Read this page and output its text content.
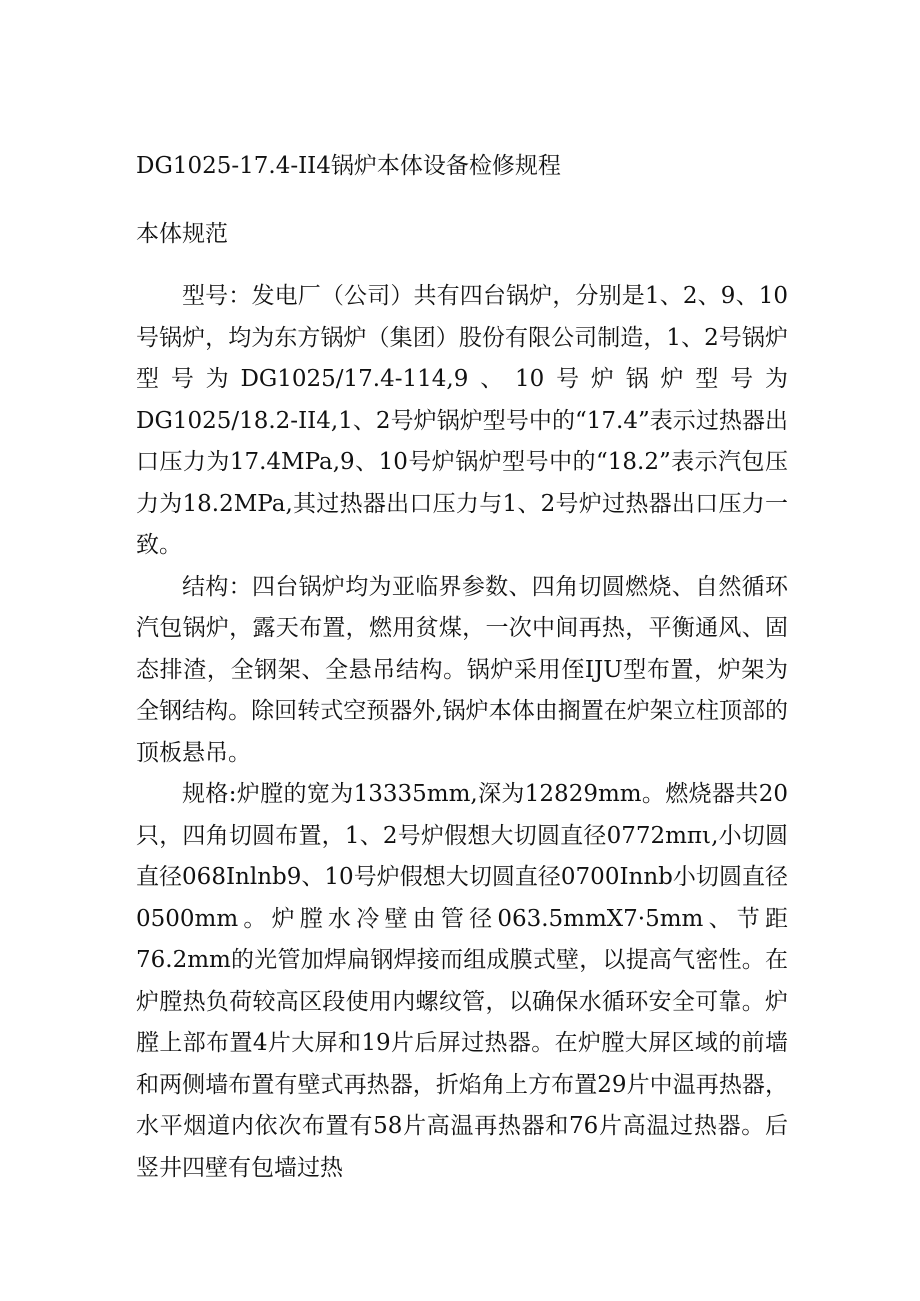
DG1025-17.4-II4锅炉本体设备检修规程
本体规范

型号：发电厂（公司）共有四台锅炉，分别是1、2、9、10号锅炉，均为东方锅炉（集团）股份有限公司制造，1、2号锅炉型号为DG1025/17.4-114,9、10号炉锅炉型号为DG1025/18.2-II4,1、2号炉锅炉型号中的“17.4”表示过热器出口压力为17.4MPa,9、10号炉锅炉型号中的“18.2”表示汽包压力为18.2MPa,其过热器出口压力与1、2号炉过热器出口压力一致。

结构：四台锅炉均为亚临界参数、四角切圆燃烧、自然循环汽包锅炉，露天布置，燃用贫煤，一次中间再热，平衡通风、固态排渣，全钢架、全悬吊结构。锅炉采用侄IJU型布置，炉架为全钢结构。除回转式空预器外,锅炉本体由搁置在炉架立柱顶部的顶板悬吊。

规格:炉膛的宽为13335mm,深为12829mm。燃烧器共20只，四角切圆布置，1、2号炉假想大切圆直径0772mπι,小切圆直径068Inlnb9、10号炉假想大切圆直径0700Innb小切圆直径0500mm。炉膛水冷壁由管径063.5mmX7·5mm、节距76.2mm的光管加焊扁钢焊接而组成膜式壁，以提高气密性。在炉膛热负荷较高区段使用内螺纹管，以确保水循环安全可靠。炉膛上部布置4片大屏和19片后屏过热器。在炉膛大屏区域的前墙和两侧墙布置有壁式再热器，折焰角上方布置29片中温再热器，水平烟道内依次布置有58片高温再热器和76片高温过热器。后竖井四壁有包墙过热
